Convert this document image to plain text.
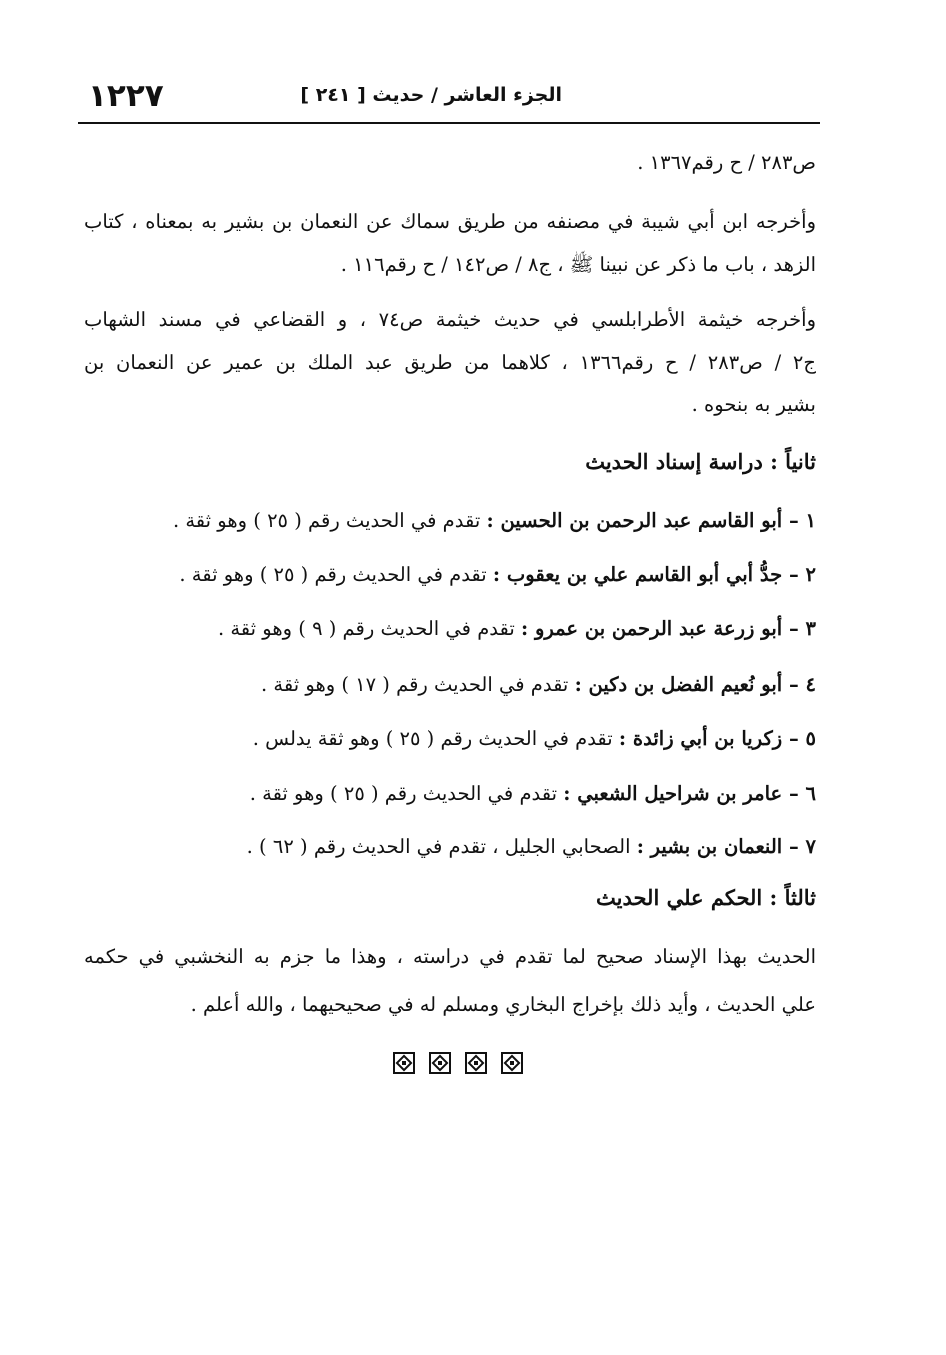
١٢٢٧	الجزء العاشر / حديث [ ٢٤١ ]
ص٢٨٣ / ح رقم١٣٦٧ .
وأخرجه ابن أبي شيبة في مصنفه من طريق سماك عن النعمان بن بشير به بمعناه ، كتاب
الزهد ، باب ما ذكر عن نبينا ﷺ ، ج٨ / ص١٤٢ / ح رقم١١٦ .
وأخرجه خيثمة الأطرابلسي في حديث خيثمة ص٧٤ ، و القضاعي في مسند الشهاب
ج٢ / ص٢٨٣ / ح رقم١٣٦٦ ، كلاهما من طريق عبد الملك بن عمير عن النعمان بن
بشير به بنحوه .
ثانياً : دراسة إسناد الحديث
١ – أبو القاسم عبد الرحمن بن الحسين : تقدم في الحديث رقم ( ٢٥ ) وهو ثقة .
٢ – جدُّ أبي أبو القاسم علي بن يعقوب : تقدم في الحديث رقم ( ٢٥ ) وهو ثقة .
٣ – أبو زرعة عبد الرحمن بن عمرو : تقدم في الحديث رقم ( ٩ ) وهو ثقة .
٤ – أبو نُعيم الفضل بن دكين : تقدم في الحديث رقم ( ١٧ ) وهو ثقة .
٥ – زكريا بن أبي زائدة : تقدم في الحديث رقم ( ٢٥ ) وهو ثقة يدلس .
٦ – عامر بن شراحيل الشعبي : تقدم في الحديث رقم ( ٢٥ ) وهو ثقة .
٧ – النعمان بن بشير : الصحابي الجليل ، تقدم في الحديث رقم ( ٦٢ ) .
ثالثاً : الحكم علي الحديث
الحديث بهذا الإسناد صحيح لما تقدم في دراسته ، وهذا ما جزم به النخشبي في حكمه
علي الحديث ، وأيد ذلك بإخراج البخاري ومسلم له في صحيحيهما ، والله أعلم .
